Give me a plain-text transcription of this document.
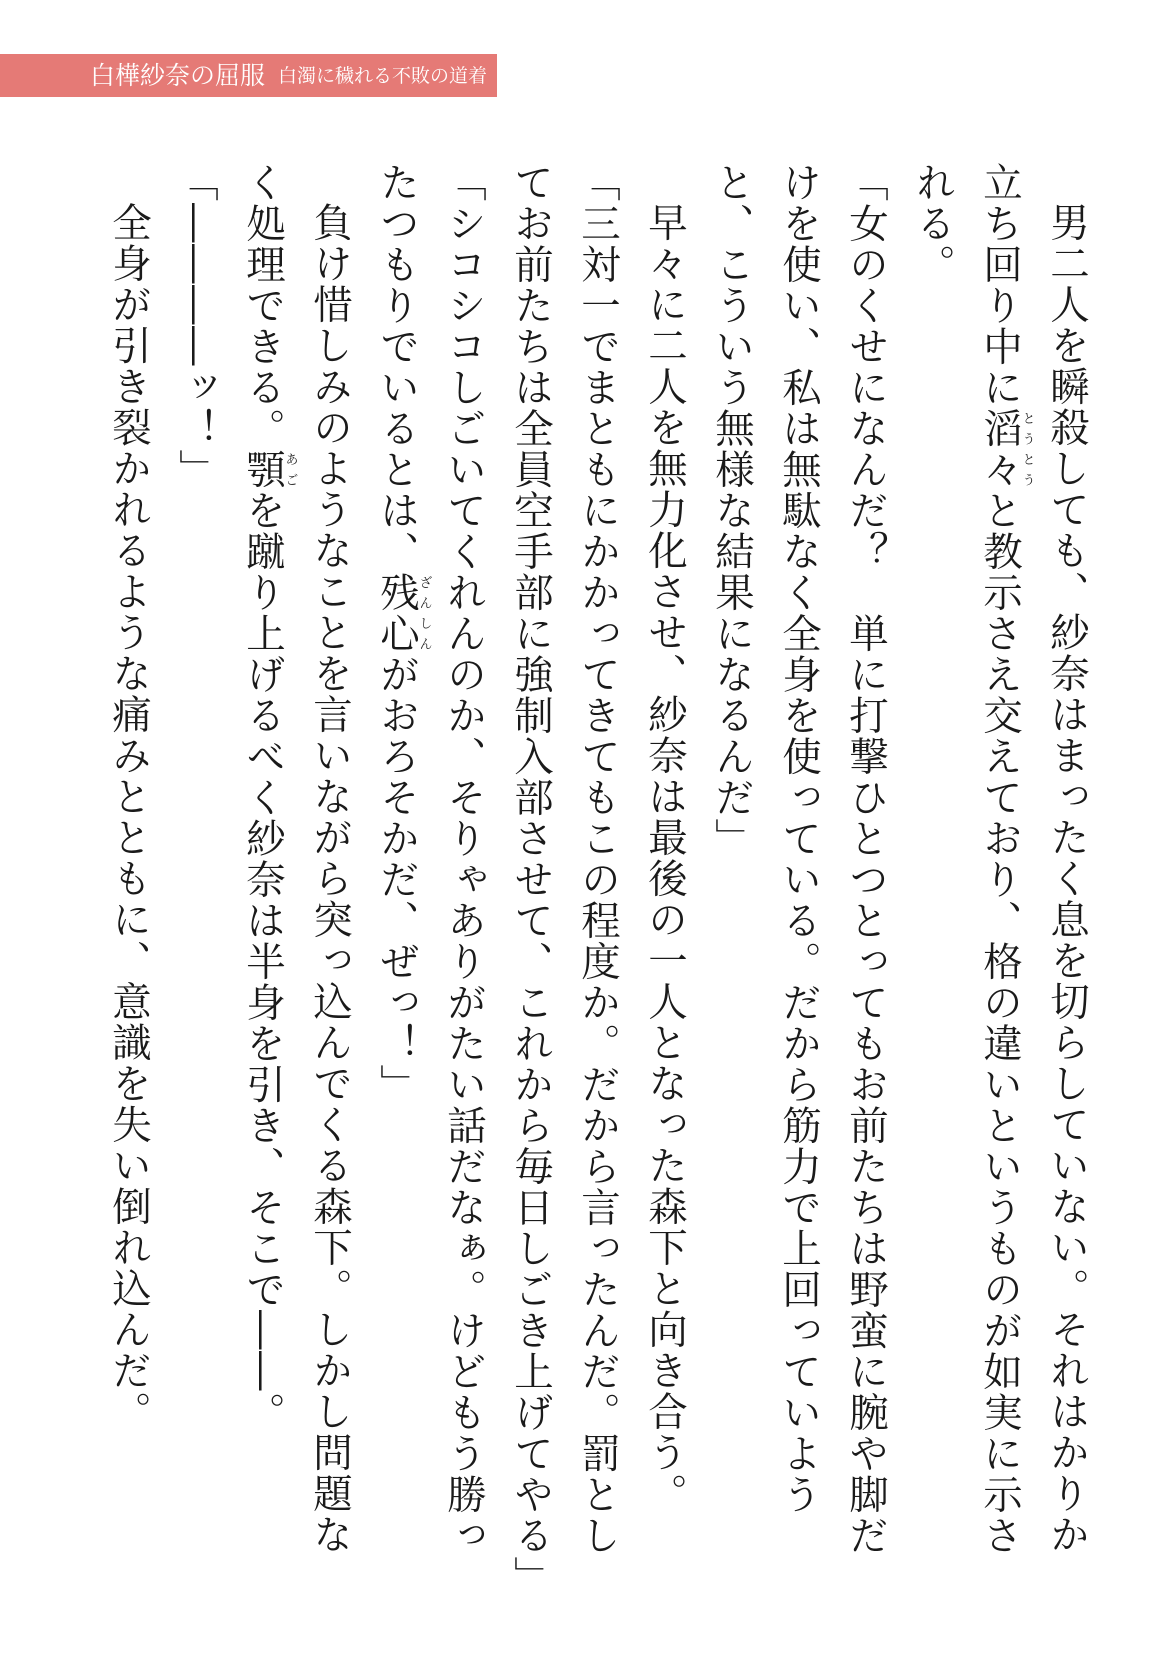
白樺紗奈の屈服 白濁に穢れる不敗の道着

男二人を瞬殺しても、紗奈はまったく息を切らしていない。それはかりか立ち回り中に滔々とうとうと教示さえ交えており、格の違いというものが如実に示される。

「女のくせになんだ？　単に打撃ひとつとってもお前たちは野蛮に腕や脚だけを使い、私は無駄なく全身を使っている。だから筋力で上回っていようと、こういう無様な結果になるんだ」

早々に二人を無力化させ、紗奈は最後の一人となった森下と向き合う。

「三対一でまともにかかってきてもこの程度か。だから言ったんだ。罰としてお前たちは全員空手部に強制入部させて、これから毎日しごき上げてやる」

「シコシコしごいてくれんのか、そりゃありがたい話だなぁ。けどもう勝ったつもりでいるとは、残心ざんしんがおろそかだ、ぜっ！」

負け惜しみのようなことを言いながら突っ込んでくる森下。しかし問題なく処理できる。顎あごを蹴り上げるべく紗奈は半身を引き、そこで――。

「――――ッ！」

全身が引き裂かれるような痛みとともに、意識を失い倒れ込んだ。
